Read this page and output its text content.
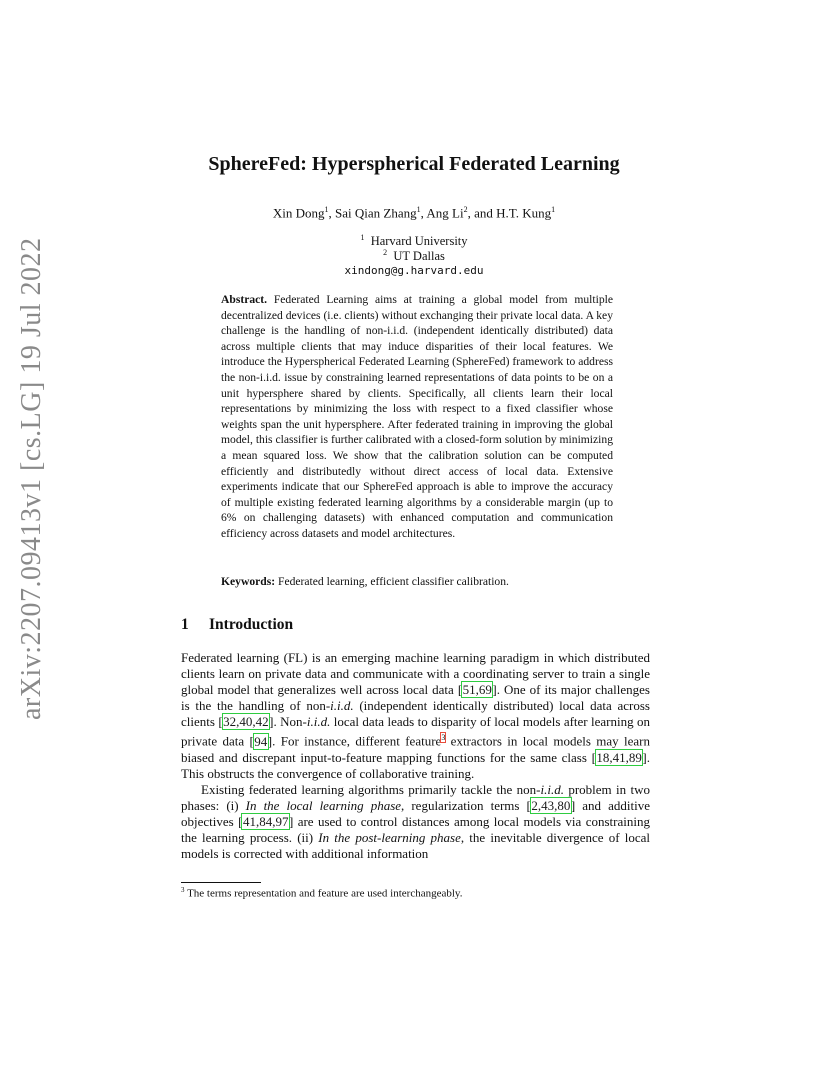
arXiv:2207.09413v1 [cs.LG] 19 Jul 2022
SphereFed: Hyperspherical Federated Learning
Xin Dong$^1$, Sai Qian Zhang$^1$, Ang Li$^2$, and H.T. Kung$^1$
$^1$ Harvard University
$^2$ UT Dallas
xindong@g.harvard.edu
Abstract. Federated Learning aims at training a global model from multiple decentralized devices (i.e. clients) without exchanging their private local data. A key challenge is the handling of non-i.i.d. (independent identically distributed) data across multiple clients that may induce disparities of their local features. We introduce the Hyperspherical Federated Learning (SphereFed) framework to address the non-i.i.d. issue by constraining learned representations of data points to be on a unit hypersphere shared by clients. Specifically, all clients learn their local representations by minimizing the loss with respect to a fixed classifier whose weights span the unit hypersphere. After federated training in improving the global model, this classifier is further calibrated with a closed-form solution by minimizing a mean squared loss. We show that the calibration solution can be computed efficiently and distributedly without direct access of local data. Extensive experiments indicate that our SphereFed approach is able to improve the accuracy of multiple existing federated learning algorithms by a considerable margin (up to 6% on challenging datasets) with enhanced computation and communication efficiency across datasets and model architectures.
Keywords: Federated learning, efficient classifier calibration.
1 Introduction

Federated learning (FL) is an emerging machine learning paradigm in which distributed clients learn on private data and communicate with a coordinating server to train a single global model that generalizes well across local data [51,69]. One of its major challenges is the the handling of non-i.i.d. (independent identically distributed) local data across clients [32,40,42]. Non-i.i.d. local data leads to disparity of local models after learning on private data [94]. For instance, different feature$^3$ extractors in local models may learn biased and discrepant input-to-feature mapping functions for the same class [18,41,89]. This obstructs the convergence of collaborative training.

Existing federated learning algorithms primarily tackle the non-i.i.d. problem in two phases: (i) In the local learning phase, regularization terms [2,43,80] and additive objectives [41,84,97] are used to control distances among local models via constraining the learning process. (ii) In the post-learning phase, the inevitable divergence of local models is corrected with additional information

$^3$ The terms representation and feature are used interchangeably.
